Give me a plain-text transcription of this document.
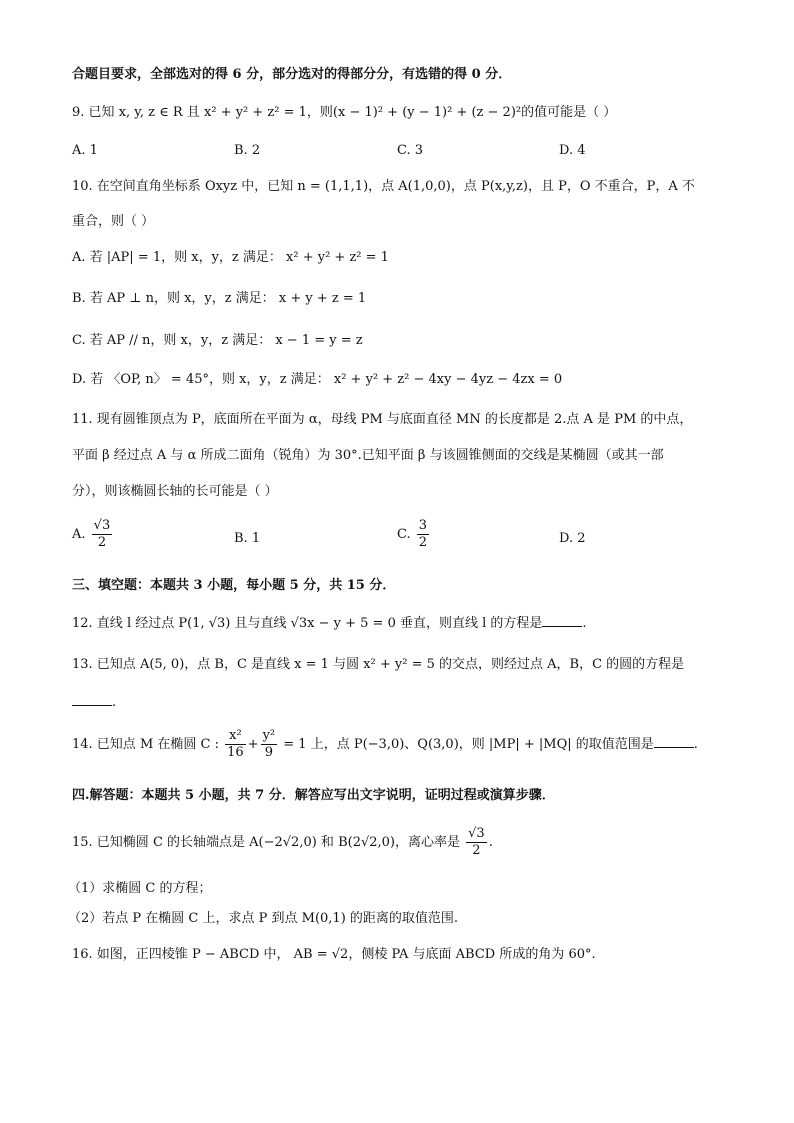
合题目要求，全部选对的得 6 分，部分选对的得部分分，有选错的得 0 分．
9. 已知 x, y, z ∈ R 且 x² + y² + z² = 1，则(x − 1)² + (y − 1)² + (z − 2)²的值可能是（ ）
A. 1	B. 2	C. 3	D. 4
10. 在空间直角坐标系 Oxyz 中，已知 n = (1,1,1)，点 A(1,0,0)，点 P(x,y,z)，且 P，O 不重合，P，A 不
重合，则（ ）
A. 若 |AP| = 1，则 x，y，z 满足： x² + y² + z² = 1
B. 若 AP ⊥ n，则 x，y，z 满足： x + y + z = 1
C. 若 AP // n，则 x，y，z 满足： x − 1 = y = z
D. 若 〈OP, n〉 = 45°，则 x，y，z 满足： x² + y² + z² − 4xy − 4yz − 4zx = 0
11. 现有圆锥顶点为 P，底面所在平面为 α，母线 PM 与底面直径 MN 的长度都是 2.点 A 是 PM 的中点，
平面 β 经过点 A 与 α 所成二面角（锐角）为 30°.已知平面 β 与该圆锥侧面的交线是某椭圆（或其一部
分），则该椭圆长轴的长可能是（ ）
A. $\frac{√3}{2}$	B. 1	C. $\frac{3}{2}$	D. 2
三、填空题：本题共 3 小题，每小题 5 分，共 15 分．
12. 直线 l 经过点 P(1, √3) 且与直线 √3x − y + 5 = 0 垂直，则直线 l 的方程是	.
13. 已知点 A(5, 0)，点 B，C 是直线 x = 1 与圆 x² + y² = 5 的交点，则经过点 A，B，C 的圆的方程是
.
14. 已知点 M 在椭圆 C : $\frac{\text{x²}}{16} + \frac{\text{y²}}{9} = 1$ 上，点 P(−3,0)、Q(3,0)，则 |MP| + |MQ| 的取值范围是	.
四.解答题：本题共 5 小题，共 7 分．解答应写出文字说明，证明过程或演算步骤．
15. 已知椭圆 C 的长轴端点是 A(−2√2,0) 和 B(2√2,0)，离心率是 $\frac{√3}{2}$ .
（1）求椭圆 C 的方程；
（2）若点 P 在椭圆 C 上，求点 P 到点 M(0,1) 的距离的取值范围.
16. 如图，正四棱锥 P − ABCD 中， AB = √2，侧棱 PA 与底面 ABCD 所成的角为 60°.
